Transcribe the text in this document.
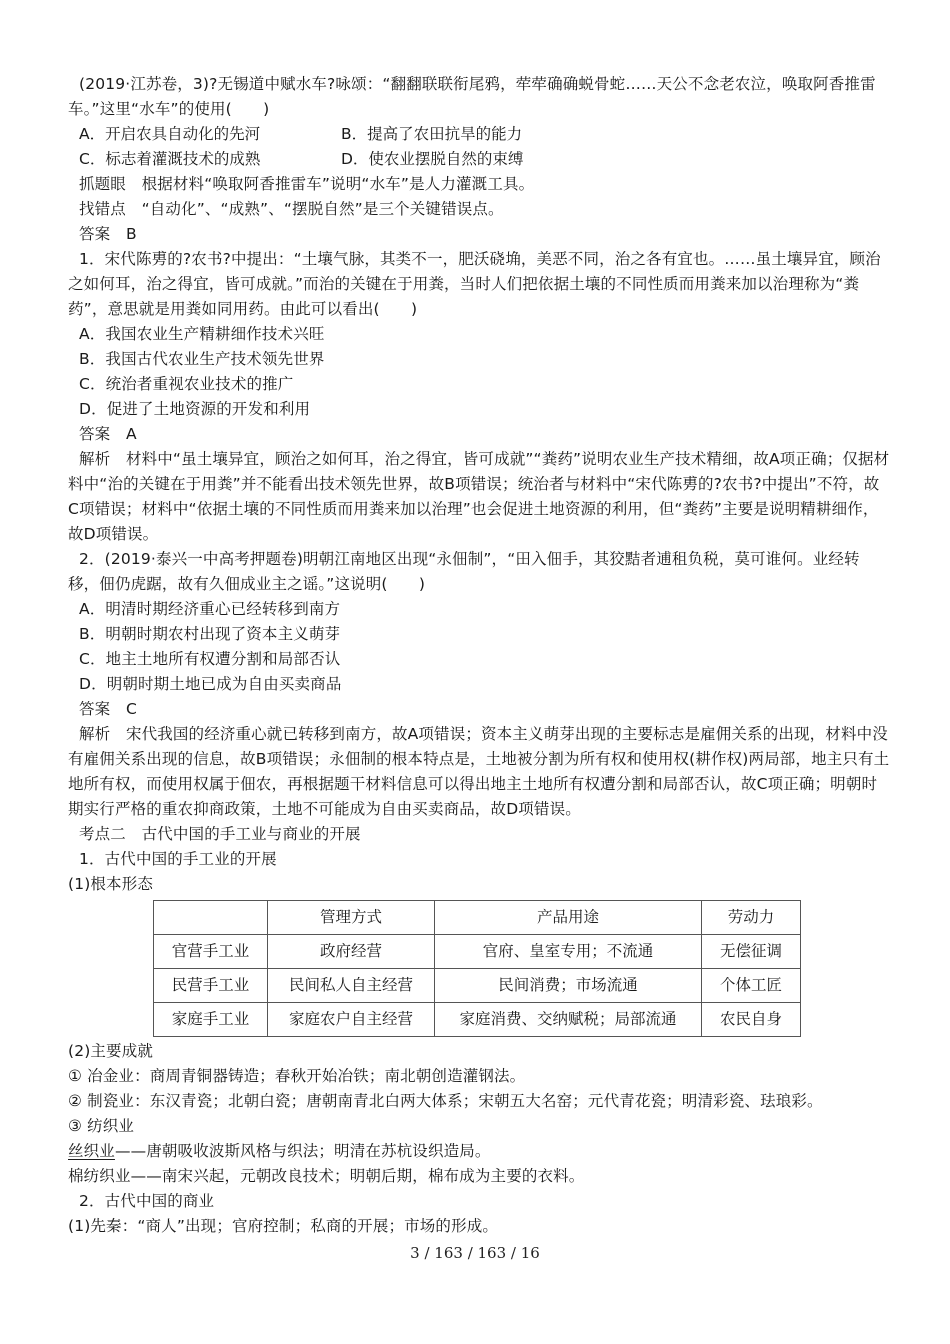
(2019·江苏卷，3)?无锡道中赋水车?咏颂：“翻翻联联衔尾鸦，荦荦确确蜕骨蛇……天公不念老农泣，唤取阿香推雷车。”这里“水车”的使用(　　)

A．开启农具自动化的先河	B．提高了农田抗旱的能力
C．标志着灌溉技术的成熟	D．使农业摆脱自然的束缚

抓题眼　根据材料“唤取阿香推雷车”说明“水车”是人力灌溉工具。

找错点　“自动化”、“成熟”、“摆脱自然”是三个关键错误点。

答案　B

1．宋代陈旉的?农书?中提出：“土壤气脉，其类不一，肥沃硗埆，美恶不同，治之各有宜也。……虽土壤异宜，顾治之如何耳，治之得宜，皆可成就。”而治的关键在于用粪，当时人们把依据土壤的不同性质而用粪来加以治理称为“粪药”，意思就是用粪如同用药。由此可以看出(　　)

A．我国农业生产精耕细作技术兴旺

B．我国古代农业生产技术领先世界

C．统治者重视农业技术的推广

D．促进了土地资源的开发和利用

答案　A

解析　材料中“虽土壤异宜，顾治之如何耳，治之得宜，皆可成就”“粪药”说明农业生产技术精细，故A项正确；仅据材料中“治的关键在于用粪”并不能看出技术领先世界，故B项错误；统治者与材料中“宋代陈旉的?农书?中提出”不符，故C项错误；材料中“依据土壤的不同性质而用粪来加以治理”也会促进土地资源的利用，但“粪药”主要是说明精耕细作，故D项错误。

2．(2019·泰兴一中高考押题卷)明朝江南地区出现“永佃制”，“田入佃手，其狡黠者逋租负税，莫可谁何。业经转移，佃仍虎踞，故有久佃成业主之谣。”这说明(　　)

A．明清时期经济重心已经转移到南方

B．明朝时期农村出现了资本主义萌芽

C．地主土地所有权遭分割和局部否认

D．明朝时期土地已成为自由买卖商品

答案　C

解析　宋代我国的经济重心就已转移到南方，故A项错误；资本主义萌芽出现的主要标志是雇佣关系的出现，材料中没有雇佣关系出现的信息，故B项错误；永佃制的根本特点是，土地被分割为所有权和使用权(耕作权)两局部，地主只有土地所有权，而使用权属于佃农，再根据题干材料信息可以得出地主土地所有权遭分割和局部否认，故C项正确；明朝时期实行严格的重农抑商政策，土地不可能成为自由买卖商品，故D项错误。

考点二　古代中国的手工业与商业的开展

1．古代中国的手工业的开展

(1)根本形态

	管理方式	产品用途	劳动力
官营手工业	政府经营	官府、皇室专用；不流通	无偿征调
民营手工业	民间私人自主经营	民间消费；市场流通	个体工匠
家庭手工业	家庭农户自主经营	家庭消费、交纳赋税；局部流通	农民自身

(2)主要成就

① 冶金业：商周青铜器铸造；春秋开始冶铁；南北朝创造灌钢法。

② 制瓷业：东汉青瓷；北朝白瓷；唐朝南青北白两大体系；宋朝五大名窑；元代青花瓷；明清彩瓷、珐琅彩。

③ 纺织业

丝织业——唐朝吸收波斯风格与织法；明清在苏杭设织造局。

棉纺织业——南宋兴起，元朝改良技术；明朝后期，棉布成为主要的衣料。

2．古代中国的商业

(1)先秦：“商人”出现；官府控制；私商的开展；市场的形成。

3 / 163 / 163 / 16
